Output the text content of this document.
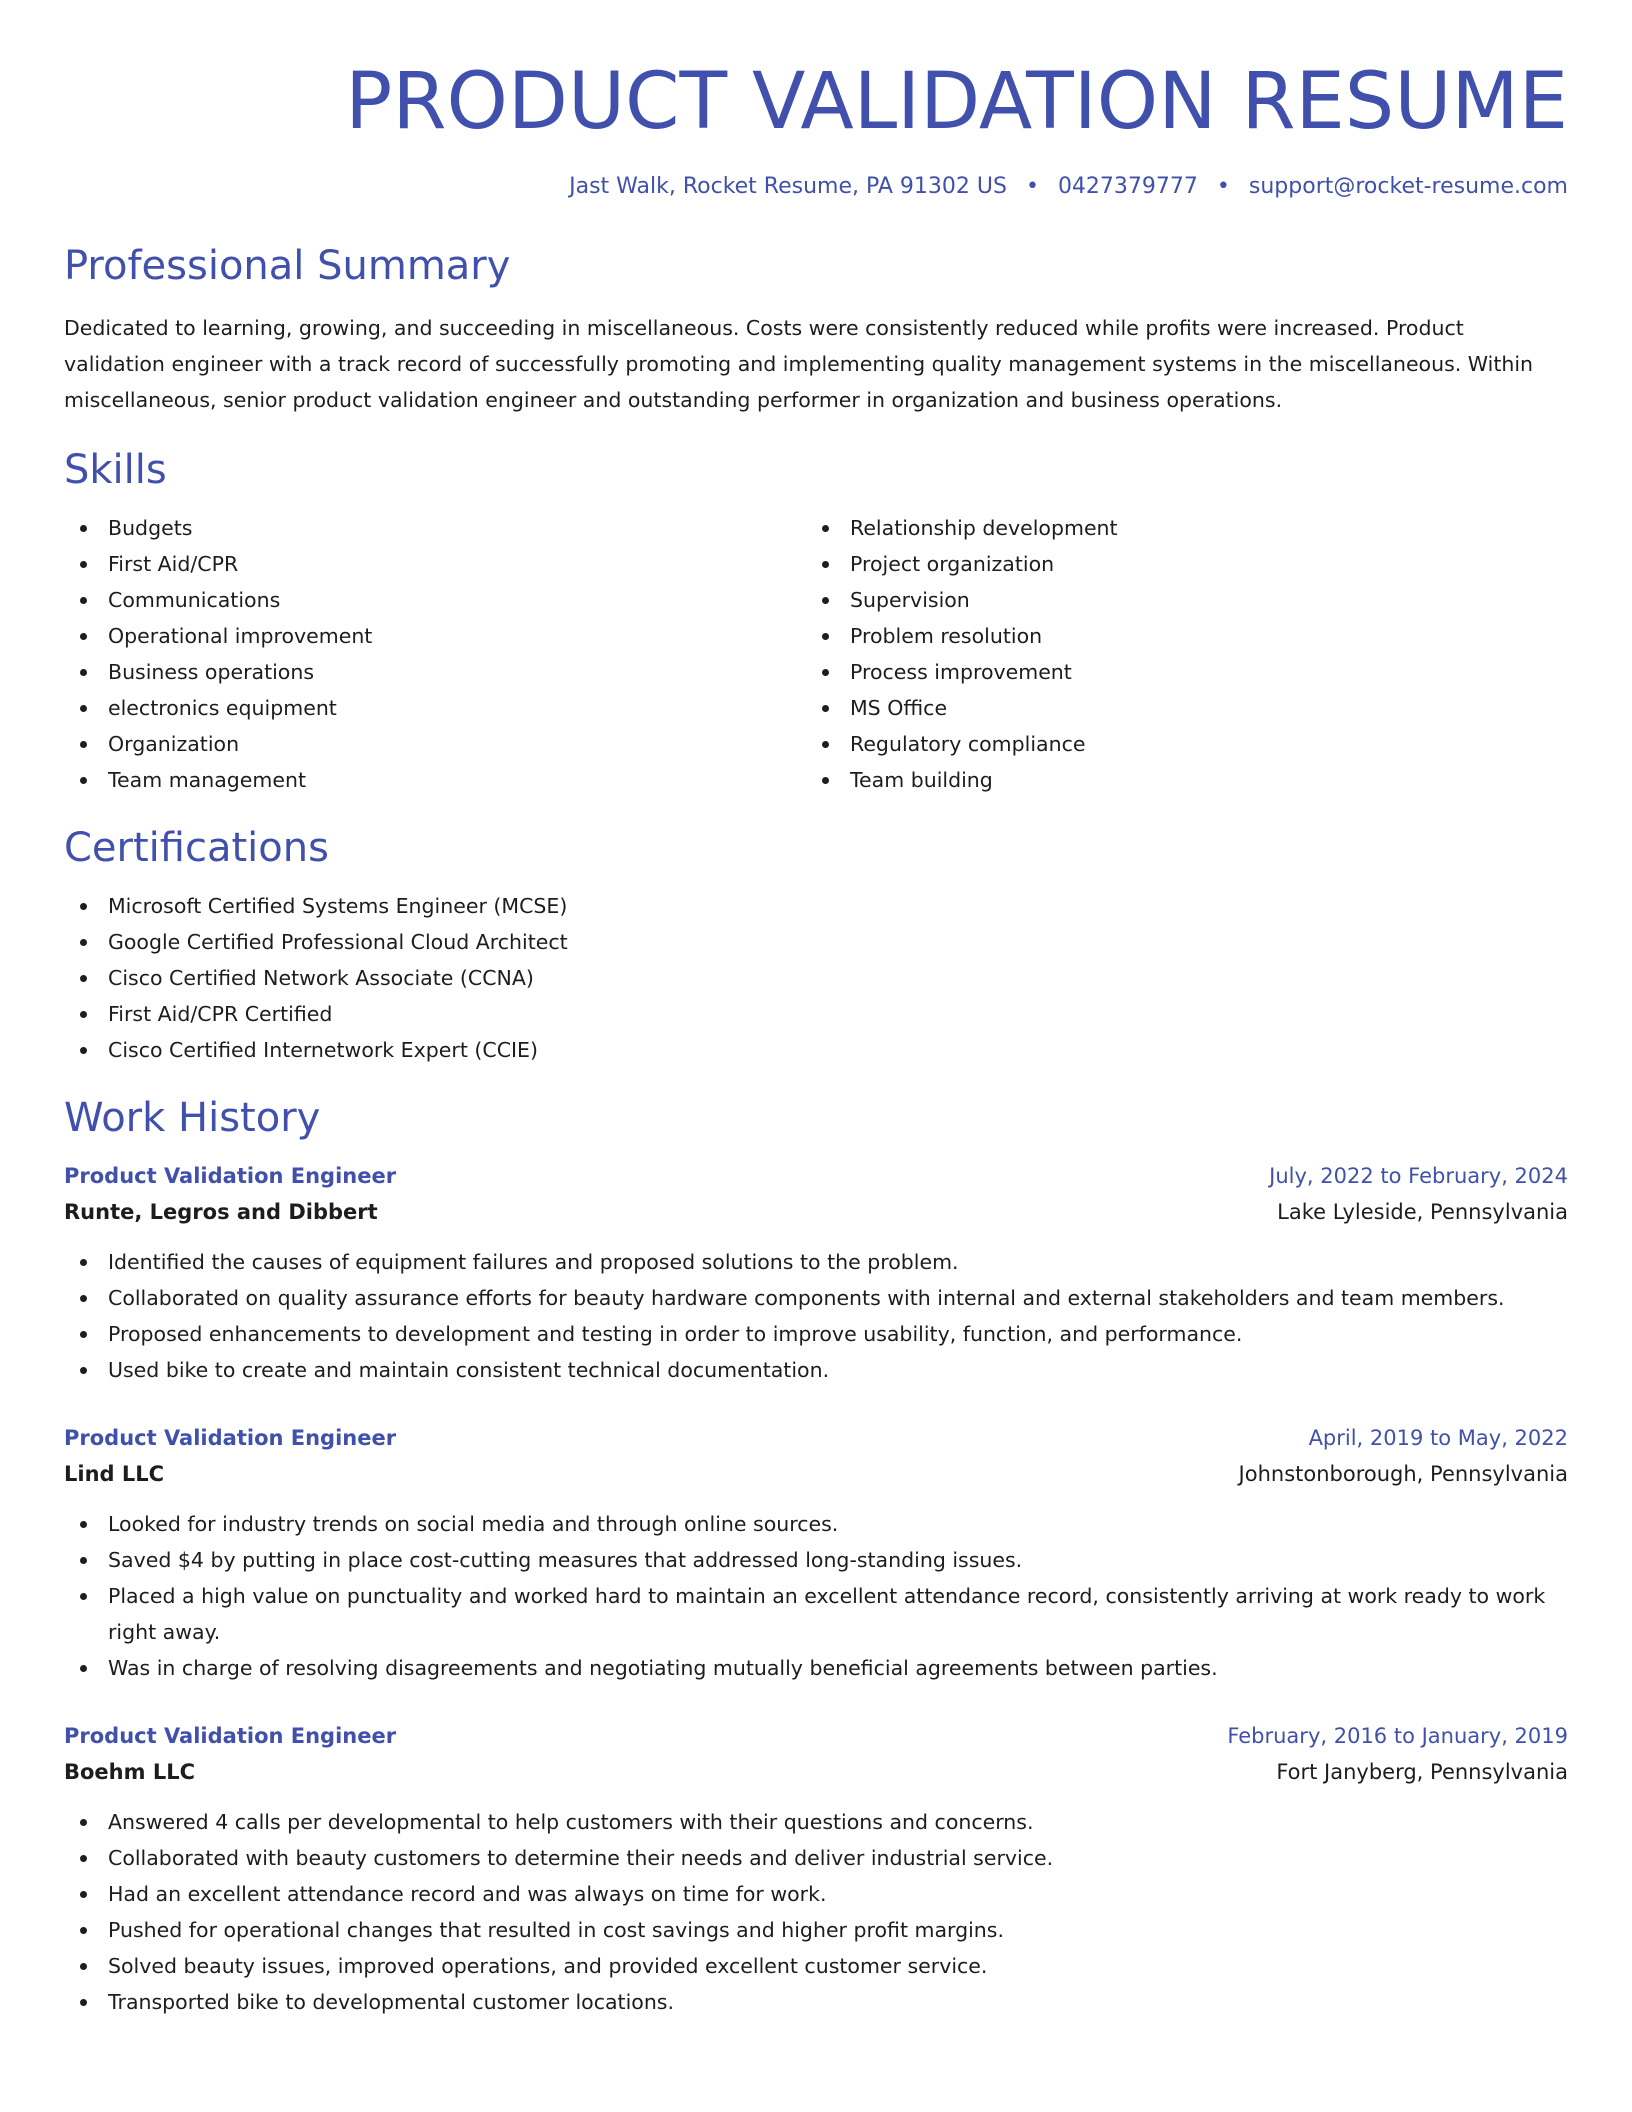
PRODUCT VALIDATION RESUME
Jast Walk, Rocket Resume, PA 91302 US • 0427379777 • support@rocket-resume.com
Professional Summary

Dedicated to learning, growing, and succeeding in miscellaneous. Costs were consistently reduced while profits were increased. Product validation engineer with a track record of successfully promoting and implementing quality management systems in the miscellaneous. Within miscellaneous, senior product validation engineer and outstanding performer in organization and business operations.

Skills
Budgets
First Aid/CPR
Communications
Operational improvement
Business operations
electronics equipment
Organization
Team management
Relationship development
Project organization
Supervision
Problem resolution
Process improvement
MS Office
Regulatory compliance
Team building
Certifications
Microsoft Certified Systems Engineer (MCSE)
Google Certified Professional Cloud Architect
Cisco Certified Network Associate (CCNA)
First Aid/CPR Certified
Cisco Certified Internetwork Expert (CCIE)
Work History
Product Validation Engineer	July, 2022 to February, 2024
Runte, Legros and Dibbert	Lake Lyleside, Pennsylvania
Identified the causes of equipment failures and proposed solutions to the problem.
Collaborated on quality assurance efforts for beauty hardware components with internal and external stakeholders and team members.
Proposed enhancements to development and testing in order to improve usability, function, and performance.
Used bike to create and maintain consistent technical documentation.
Product Validation Engineer	April, 2019 to May, 2022
Lind LLC	Johnstonborough, Pennsylvania
Looked for industry trends on social media and through online sources.
Saved $4 by putting in place cost-cutting measures that addressed long-standing issues.
Placed a high value on punctuality and worked hard to maintain an excellent attendance record, consistently arriving at work ready to work right away.
Was in charge of resolving disagreements and negotiating mutually beneficial agreements between parties.
Product Validation Engineer	February, 2016 to January, 2019
Boehm LLC	Fort Janyberg, Pennsylvania
Answered 4 calls per developmental to help customers with their questions and concerns.
Collaborated with beauty customers to determine their needs and deliver industrial service.
Had an excellent attendance record and was always on time for work.
Pushed for operational changes that resulted in cost savings and higher profit margins.
Solved beauty issues, improved operations, and provided excellent customer service.
Transported bike to developmental customer locations.
